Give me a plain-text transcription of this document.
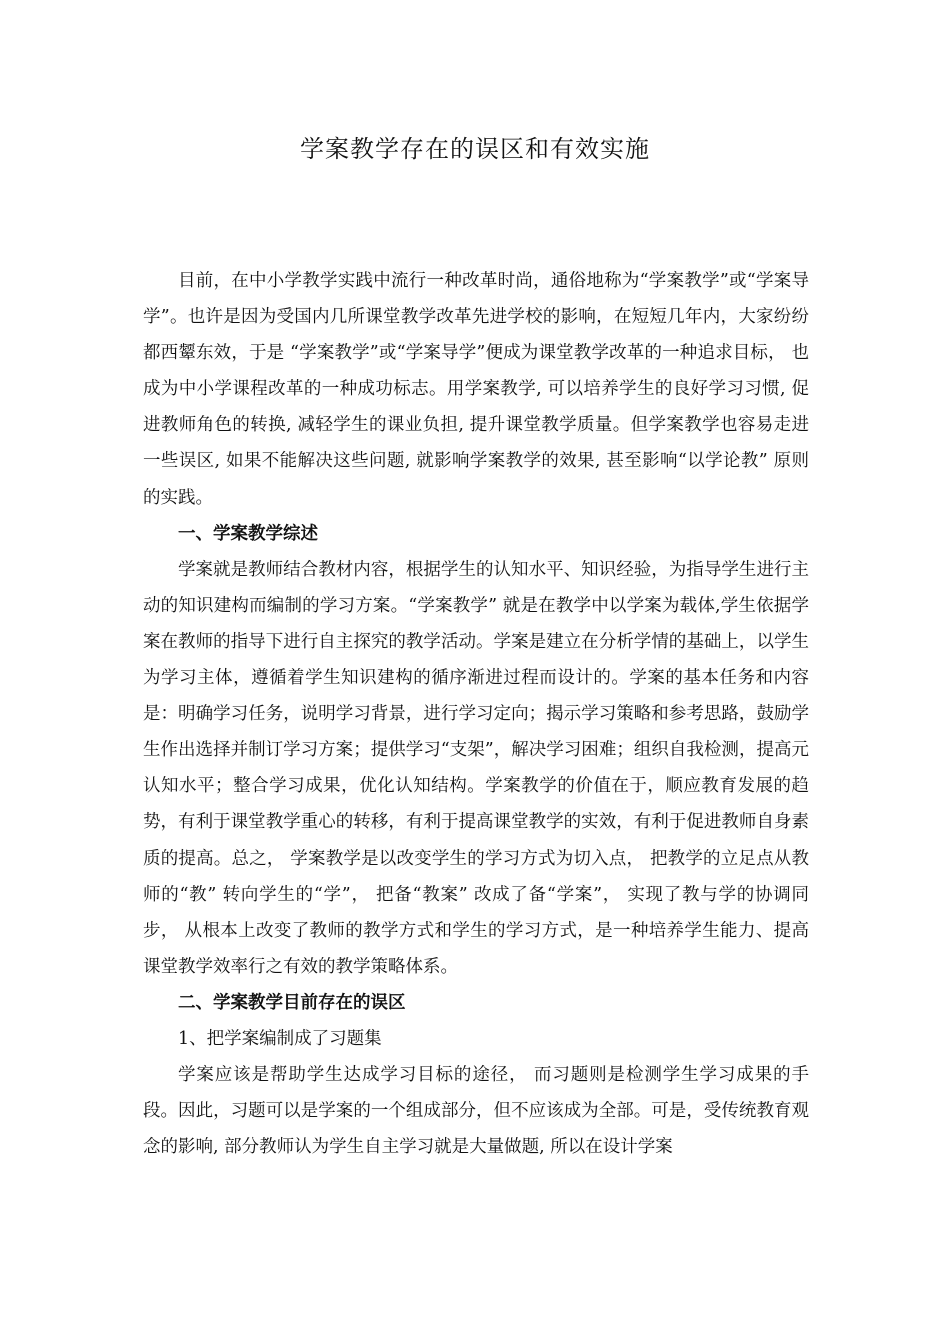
学案教学存在的误区和有效实施

目前，在中小学教学实践中流行一种改革时尚，通俗地称为“学案教学”或“学案导学”。也许是因为受国内几所课堂教学改革先进学校的影响，在短短几年内，大家纷纷都西颦东效，于是 “学案教学”或“学案导学”便成为课堂教学改革的一种追求目标， 也成为中小学课程改革的一种成功标志。用学案教学, 可以培养学生的良好学习习惯, 促进教师角色的转换, 减轻学生的课业负担, 提升课堂教学质量。但学案教学也容易走进一些误区, 如果不能解决这些问题, 就影响学案教学的效果, 甚至影响“以学论教” 原则的实践。

一、学案教学综述

学案就是教师结合教材内容，根据学生的认知水平、知识经验，为指导学生进行主动的知识建构而编制的学习方案。“学案教学” 就是在教学中以学案为载体,学生依据学案在教师的指导下进行自主探究的教学活动。学案是建立在分析学情的基础上，以学生为学习主体，遵循着学生知识建构的循序渐进过程而设计的。学案的基本任务和内容是：明确学习任务，说明学习背景，进行学习定向；揭示学习策略和参考思路，鼓励学生作出选择并制订学习方案；提供学习“支架”，解决学习困难；组织自我检测，提高元认知水平；整合学习成果，优化认知结构。学案教学的价值在于，顺应教育发展的趋势，有利于课堂教学重心的转移，有利于提高课堂教学的实效，有利于促进教师自身素质的提高。总之， 学案教学是以改变学生的学习方式为切入点， 把教学的立足点从教师的“教” 转向学生的“学”， 把备“教案” 改成了备“学案”， 实现了教与学的协调同步， 从根本上改变了教师的教学方式和学生的学习方式，是一种培养学生能力、提高课堂教学效率行之有效的教学策略体系。

二、学案教学目前存在的误区

1、把学案编制成了习题集

学案应该是帮助学生达成学习目标的途径， 而习题则是检测学生学习成果的手段。因此，习题可以是学案的一个组成部分，但不应该成为全部。可是，受传统教育观念的影响, 部分教师认为学生自主学习就是大量做题, 所以在设计学案
